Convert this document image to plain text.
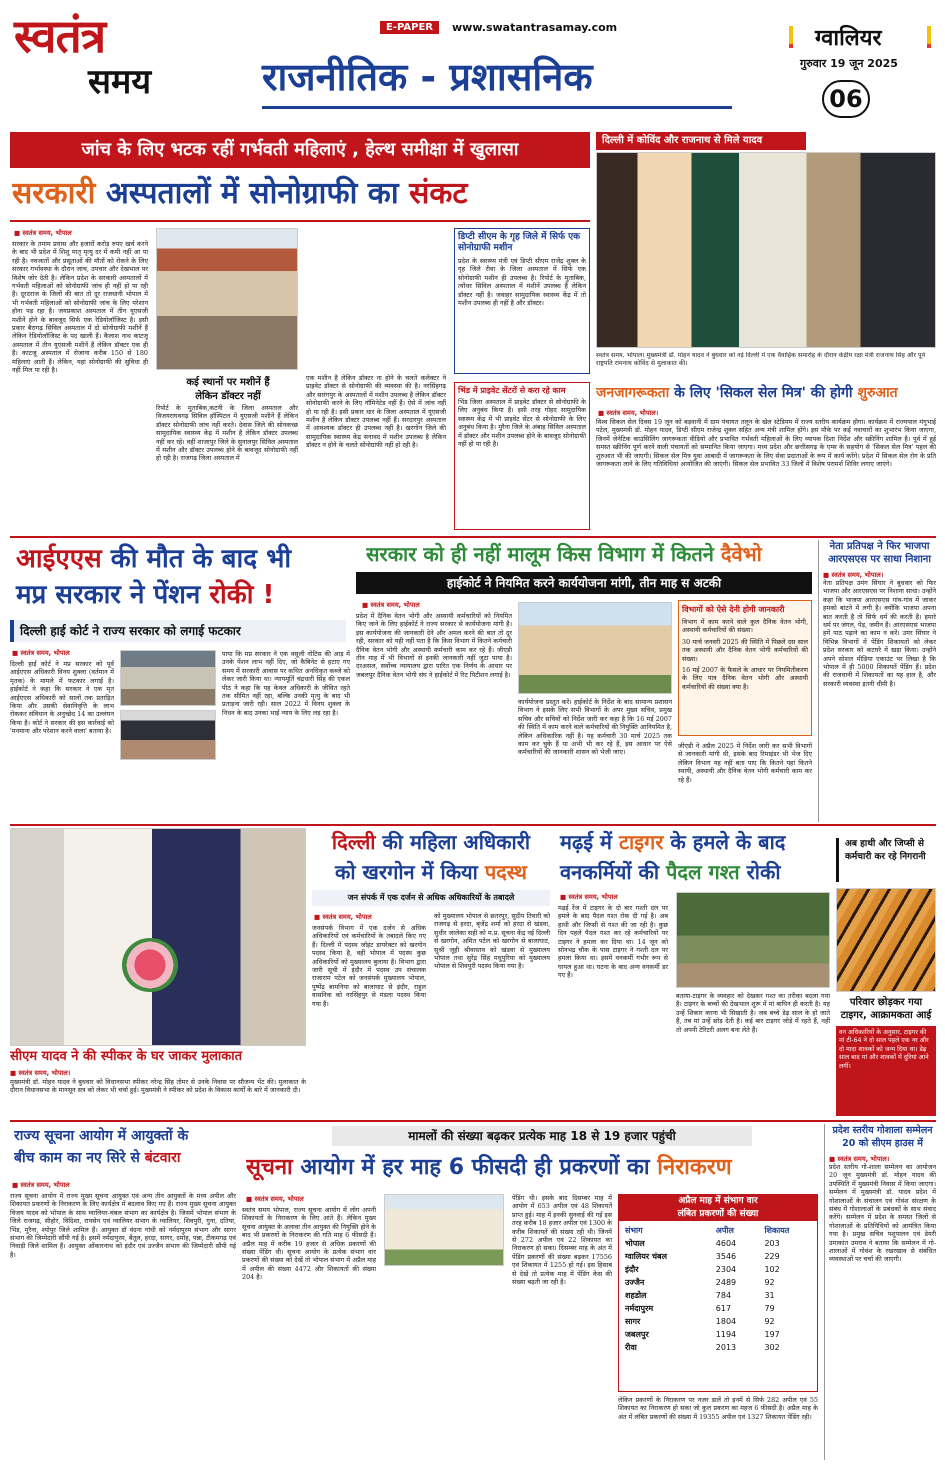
स्वतंत्र
समय
E-PAPER	www.swatantrasamay.com
राजनीतिक - प्रशासनिक
ग्वालियर
गुरुवार 19 जून 2025
06
जांच के लिए भटक रहीं गर्भवती महिलाएं , हेल्थ समीक्षा में खुलासा
सरकारी अस्पतालों में सोनोग्राफी का संकट
■ स्वतंत्र समय, भोपाल
सरकार के तमाम प्रयास और हजारों करोड़ रुपए खर्च करने के बाद भी प्रदेश में शिशु मातृ मृत्यु दर में कमी नहीं आ पा रही है। नवजातों और प्रसूताओं की मौतों को रोकने के लिए सरकार गर्भावस्था के दौरान जांच, उपचार और देखभाल पर विशेष जोर देती है। लेकिन प्रदेश के सरकारी अस्पतालों में गर्भवती महिलाओं को सोनोग्राफी जांच ही नहीं हो पा रही है। दूरदराज के जिलों की बात तो दूर राजधानी भोपाल में भी गर्भवती महिलाओं को सोनोग्राफी जांच के लिए परेशान होना पड़ रहा है। जयप्रकाश अस्पताल में तीन यूएसजी मशीनें होने के बावजूद सिर्फ एक रेडियोलॉजिस्ट है। इसी प्रकार बैरागढ़ सिविल अस्पताल में दो सोनोग्राफी मशीनें हैं लेकिन रेडियोलॉजिस्ट के पद खाली हैं। कैलाश नाथ काटजू अस्पताल में तीन यूएसजी मशीनें हैं लेकिन डॉक्टर एक ही है। काटजू अस्पताल में रोजाना करीब 150 से 180 महिलाएं आती हैं। लेकिन, यहां सोनोग्राफी की सुविधा ही नहीं मिल पा रही है।
कई स्थानों पर मशीनें हैं
लेकिन डॉक्टर नहीं
रिपोर्ट के मुताबिक,कटनी के जिला अस्पताल और विजयराघवगढ़ सिविल हॉस्पिटल में यूएसजी मशीनें हैं लेकिन डॉक्टर सोनोग्राफी जांच नहीं करते। देवास जिले की सोनकच्छ सामुदायिक स्वास्थ्य केंद्र में मशीन है लेकिन डॉक्टर उपलब्ध नहीं कर रहे। वहीं शाजापुर जिले के सुनालपुर सिविल अस्पताल में मशीन और डॉक्टर उपलब्ध होने के बावजूद सोनोग्राफी नहीं हो रही है। राजगढ़ जिला अस्पताल में
एक मशीन है लेकिन डॉक्टर ना होने के चलते कलेक्टर ने प्राइवेट डॉक्टर से सोनोग्राफी की व्यवस्था की है। नरसिंहगढ़ और सारंगपुर के अस्पतालों में मशीन उपलब्ध है लेकिन डॉक्टर सोनोग्राफी करने के लिए नॉमिनेटेड नहीं हैं। ऐसे में जांच नहीं हो पा रही है। इसी प्रकार धार के जिला अस्पताल में यूएसजी मशीन है लेकिन डॉक्टर उपलब्ध नहीं हैं। सरदारपुर अस्पताल में आवश्यक डॉक्टर ही उपलब्ध नहीं है। खरगोन जिले की सामुदायिक स्वास्थ्य केंद्र सनावद में मशीन उपलब्ध है लेकिन डॉक्टर न होने के चलते सोनोग्राफी नहीं हो रही है।
डिप्टी सीएम के गृह जिले में सिर्फ एक सोनोग्राफी मशीन
प्रदेश के स्वास्थ्य मंत्री एवं डिप्टी सीएम राजेंद्र शुक्ल के गृह जिले रीवा के जिला अस्पताल में सिर्फ एक सोनोग्राफी मशीन ही उपलब्ध है। रिपोर्ट के मुताबिक, त्योंथर सिविल अस्पताल में मशीनें उपलब्ध हैं लेकिन डॉक्टर नहीं है। जवाहर सामुदायिक स्वास्थ्य केंद्र में तो मशीन उपलब्ध ही नहीं है और डॉक्टर।
भिंड में प्राइवेट सेंटरों से करा रहे काम
भिंड जिला अस्पताल में प्राइवेट डॉक्टर से सोनोग्राफी के लिए अनुबंध किया है। इसी तरह गोहद सामुदायिक स्वास्थ्य केंद्र में भी प्राइवेट सेंटर से सोनोग्राफी के लिए अनुबंध किया है। मुरैना जिले के अंबाह सिविल अस्पताल में डॉक्टर और मशीन उपलब्ध होने के बावजूद सोनोग्राफी नहीं हो पा रही है।
दिल्ली में कोविंद और राजनाथ से मिले यादव
स्वतंत्र समय, भोपाल। मुख्यमंत्री डॉ. मोहन यादव ने बुधवार को नई दिल्ली में एक वैवाहिक समारोह के दौरान केंद्रीय रक्षा मंत्री राजनाथ सिंह और पूर्व राष्ट्रपति रामनाथ कोविंद से मुलाकात की।
जनजागरूकता के लिए 'सिकल सेल मित्र' की होगी शुरुआत
■ स्वतंत्र समय, भोपाल।
विश्व सिकल सेल दिवस 19 जून को बड़वानी में ग्राम पंचायत तलून के खेल स्टेडियम में राज्य स्तरीय कार्यक्रम होगा। कार्यक्रम में राज्यपाल मंगुभाई पटेल, मुख्यमंत्री डॉ. मोहन यादव, डिप्टी सीएम राजेन्द्र शुक्ल सहित अन्य मंत्री शामिल होंगे। इस मौके पर कई नवाचारों का शुभारंभ किया जाएगा, जिनमें जेनेटिक काउंसिलिंग जागरूकता वीडियो और प्रभावित गर्भवती महिलाओं के लिए व्यापक दिशा निर्देश और स्क्रीनिंग शामिल है। पूर्व में हुई समस्त स्क्रीनिंग पूर्ण करने वाली पंचायतों को सम्मानित किया जाएगा। मध्य प्रदेश और छत्तीसगढ़ के एम्स के सहयोग से 'सिकल सेल मित्र' पहल की शुरुआत भी की जाएगी। सिकल सेल मित्र युवा आबादी में जागरूकता के लिए सेवा प्रदाताओं के रूप में कार्य करेंगे। प्रदेश में सिकल सेल रोग के प्रति जागरूकता लाने के लिए गतिविधियां आयोजित की जाएंगी। सिकल सेल प्रभावित 33 जिलों में विशेष परामर्श शिविर लगाए जाएंगे।
आईएएस की मौत के बाद भी
मप्र सरकार ने पेंशन रोकी !
दिल्ली हाई कोर्ट ने राज्य सरकार को लगाई फटकार
■ स्वतंत्र समय, भोपाल
दिल्ली हाई कोर्ट ने मप्र सरकार को पूर्व आईएएस अधिकारी विनय शुक्ला (वर्तमान में मृतक) के मामले में फटकार लगाई है। हाईकोर्ट ने कहा कि सरकार ने एक मृत आईएएस अधिकारी को सालों तक प्रताड़ित किया और उसकी सेवानिवृत्ति के लाभ रोककर संविधान के अनुच्छेद 14 का उल्लंघन किया है। कोर्ट ने सरकार की इस कार्रवाई को 'मनमाना और परेशान करने वाला' बताया है।
पाया कि मप्र सरकार ने एक वसूली नोटिस की आड़ में उनके पेंशन लाभ नहीं दिए, जो कैबिनेट से हटाए गए समय में सरकारी आवास पर कथित अनधिकृत कब्जे को लेकर जारी किया था। न्यायमूर्ति चंद्रधारी सिंह की एकल पीठ ने कहा कि यह केवल अधिकारी के जीवित रहते तक सीमित नहीं रहा, बल्कि उनकी मृत्यु के बाद भी प्रताड़ना जारी रही। साल 2022 में विनय शुक्ला के निधन के बाद उनका भाई न्याय के लिए लड़ रहा है।
सरकार को ही नहीं मालूम किस विभाग में कितने दैवेभो
हाईकोर्ट ने नियमित करने कार्ययोजना मांगी, तीन माह स अटकी
■ स्वतंत्र समय, भोपाल
प्रदेश में दैनिक वेतन भोगी और अस्थायी कर्मचारियों को नियमित किए जाने के लिए हाईकोर्ट ने राज्य सरकार से कार्ययोजना मांगी है। इस कार्ययोजना की जानकारी देने और अमल करने की बात तो दूर रही, सरकार को यही नहीं पता है कि किस विभाग में कितने कर्मचारी दैनिक वेतन भोगी और अस्थायी कर्मचारी काम कर रहे हैं। जीएडी तीन माह में भी विभागों से इनकी जानकारी नहीं जुटा पाया है। दरअसल, सर्वोच्च न्यायालय द्वारा पारित एक निर्णय के आधार पर जबलपुर दैनिक वेतन भोगी संघ ने हाईकोर्ट में रिट पिटीशन लगाई है।
कार्ययोजना प्रस्तुत करें। हाईकोर्ट के निर्देश के बाद सामान्य प्रशासन विभाग ने इसके लिए सभी विभागों के अपर मुख्य सचिव, प्रमुख सचिव और सचिवों को निर्देश जारी कर कहा है कि 16 मई 2007 की स्थिति में काम करने वाले कर्मचारियों की नियुक्ति आनियमित है, लेकिन अधिकारिक नहीं है। यह कर्मचारी 30 मार्च 2025 तक काम कर चुके हैं या अभी भी कर रहे हैं, इस आधार पर ऐसे कर्मचारियों की जानकारी शासन को भेजी जाए।
विभागों को ऐसे देनी होगी जानकारी
विभाग में काम करने वाले कुल दैनिक वेतन भोगी, अस्थायी कर्मचारियों की संख्या।
30 मार्च जनवरी 2025 की स्थिति में पिछले दस साल तक अस्थायी और दैनिक वेतन भोगी कर्मचारियों की संख्या।
16 मई 2007 के फैसले के आधार पर नियमितीकरण के लिए पात्र दैनिक वेतन भोगी और अस्थायी कर्मचारियों की संख्या क्या है।
जीएडी ने अप्रैल 2025 में निर्देश जारी कर सभी विभागों से जानकारी मांगी थी, इसके बाद रिमाइंडर भी भेज दिए लेकिन विभाग यह नहीं बता पाए कि कितने यहां कितने स्थायी, अस्थायी और दैनिक वेतन भोगी कर्मचारी काम कर रहे हैं।
नेता प्रतिपक्ष ने फिर भाजपा आरएसएस पर साधा निशाना
■ स्वतंत्र समय, भोपाल।
नेता प्रतिपक्ष उमंग सिंघार ने बुधवार को फिर भाजपा और आरएसएस पर निशाना साधा। उन्होंने कहा कि भाजपा आरएसएस गांव-गांव में जाकर हमको बांटने में लगी है। क्योंकि भाजपा अपना बात करती है तो सिर्फ धर्म की करती है। हमारे धर्म पर जंगल, पेड़, जमीन हैं। आरएसएस भाजपा हमें पाठ पढ़ाने का काम न करें। उमर सिंघार ने विभिन्न विभागों में पेंडिंग शिकायतों को लेकर प्रदेश सरकार को कटघरे में खड़ा किया। उन्होंने अपने सोशल मीडिया एकाउंट पर लिखा है कि भोपाल में ही 5000 शिकायतें पेंडिंग हैं। प्रदेश की राजधानी में शिकायतों का यह हाल है, और सरकारी व्यवस्था इतनी धीमी है।
सीएम यादव ने की स्पीकर के घर जाकर मुलाकात
■ स्वतंत्र समय, भोपाल।
मुख्यमंत्री डॉ. मोहन यादव ने बुधवार को विधानसभा स्पीकर नरेन्द्र सिंह तोमर से उनके निवास पर सौजन्य भेंट की। मुलाकात के दौरान विधानसभा के मानसून सत्र को लेकर भी चर्चा हुई। मुख्यमंत्री ने स्पीकर को प्रदेश के विकास कार्यों के बारे में जानकारी दी।
दिल्ली की महिला अधिकारी
को खरगोन में किया पदस्थ
जन संपर्क में एक दर्जन से अधिक अधिकारियों के तबादले
■ स्वतंत्र समय, भोपाल
जनसंपर्क विभाग में एक दर्जन से अधिक अधिकारियों एवं कर्मचारियों के तबादले किए गए हैं। दिल्ली में पदस्थ जॉइंट डायरेक्टर को खरगोन पदस्थ किया है, वहीं भोपाल में पदस्थ कुछ अधिकारियों को मुख्यालय बुलाया है। विभाग द्वारा जारी सूची में इंदौर में पदस्थ उप संचालक राजाराम पटेल को जनसंपर्क मुख्यालय भोपाल, पुष्पेंद्र बामनिया को बालाघाट से इंदौर, राहुल वासनिक को नरसिंहपुर से मंडला पदस्थ किया गया है।
को मुख्यालय भोपाल से छतरपुर, सुदीप तिवारी को राजगढ़ से हरदा, बृजेंद्र शर्मा को हरदा से खंडवा, सुधीर जालेका सही को म.प्र. सूचना केंद्र नई दिल्ली से खरगोन, अमित पटेल को खरगोन से बालाघाट, सुश्री जूही श्रीवास्तव को खंडवा से मुख्यालय भोपाल तथा सुरेंद्र सिंह मधुपुरिया को मुख्यालय भोपाल से शिवपुरी पदस्थ किया गया है।
मढ़ई में टाइगर के हमले के बाद
वनकर्मियों की पैदल गश्त रोकी
अब हाथी और जिप्सी से कर्मचारी कर रहे निगरानी
■ स्वतंत्र समय, भोपाल
मढ़ई रेंज में टाइगर के दो बार गश्ती दल पर हमले के बाद पैदल गश्त रोक दी गई है। अब हाथी और जिप्सी से गश्त की जा रही है। कुछ दिन पहले पैदल गश्त कर रहे कर्मचारियों पर टाइगर ने हमला कर दिया था। 14 जून को सोनभद्र चौक के पास टाइगर ने गश्ती दल पर हमला किया था। इसमें वनकर्मी गंभीर रूप से घायल हुआ था। घटना के बाद अन्य वनकर्मी डर गए हैं।
बताया-टाइगर के व्यवहार को देखकर गश्त का तरीका बदला गया है। टाइगर के बच्चों की देखभाल शुरू में मां बाघिन ही करती है। यह उन्हें शिकार करना भी सिखाती है। जब बच्चे डेढ़ साल के हो जाते हैं, तब मां उन्हें छोड़ देती है। कई बार टाइगर जोड़े में रहते हैं, नहीं तो अपनी टेरिटरी अलग बना लेते हैं।
परिवार छोड़कर गया टाइगर, आक्रामकता आई
वन अधिकारियों के अनुसार, टाइगर की मां टी-64 ने दो साल पहले एक नर और दो मादा शावकों को जन्म दिया था। डेढ़ साल बाद मां और शावकों में दूरियां आने लगीं।
राज्य सूचना आयोग में आयुक्तों के
बीच काम का नए सिरे से बंटवारा
■ स्वतंत्र समय, भोपाल
राज्य सूचना आयोग में राज्य मुख्य सूचना आयुक्त एवं अन्य तीन आयुक्तों के मध्य अपील और शिकायत प्रकरणों के निराकरण के लिए कार्यक्षेत्र में बदलाव किए गए हैं। राज्य मुख्य सूचना आयुक्त विजय यादव को भोपाल के साथ ग्वालियर-चंबल संभाग का कार्यक्षेत्र है। जिसमें भोपाल संभाग के जिले राजगढ़, सीहोर, विदिशा, रायसेन एवं ग्वालियर संभाग के ग्वालियर, शिवपुरी, गुना, दतिया, भिंड, मुरैना, श्योपुर जिले शामिल हैं। आयुक्त डॉ वंदना गांधी को नर्मदापुरम संभाग और सागर संभाग की जिम्मेदारी सौंपी गई है। इसमें नर्मदापुरम, बैतूल, हरदा, सागर, दमोह, पन्ना, टीकमगढ़ एवं निवाड़ी जिले शामिल हैं। आयुक्त ओंकारनाथ को इंदौर एवं उज्जैन संभाग की जिम्मेदारी सौंपी गई है।
मामलों की संख्या बढ़कर प्रत्येक माह 18 से 19 हजार पहुंची
सूचना आयोग में हर माह 6 फीसदी ही प्रकरणों का निराकरण
■ स्वतंत्र समय, भोपाल
स्वतंत्र समय भोपाल, राज्य सूचना आयोग में लोग अपनी शिकायतों के निराकरण के लिए आते हैं। लेकिन मुख्य सूचना आयुक्त के अलावा तीन आयुक्त की नियुक्ति होने के बाद भी प्रकरणों के निराकरण की गति माह 6 फीसदी है। अप्रैल माह में करीब 19 हजार से अधिक प्रकरणों की संख्या पेंडिंग थी। सूचना आयोग के प्रत्येक संभाग वार प्रकरणों की संख्या को देखें तो भोपाल संभाग में अप्रैल माह में अपील की संख्या 4472 और शिकायतों की संख्या 204 है।
पेंडिंग थी। इसके बाद दिसम्बर माह में आयोग में 653 अपील एवं 48 शिकायतें प्राप्त हुई। माह में इनकी सुनवाई की गई इस तरह करीब 18 हजार अपील एवं 1300 के करीब शिकायतें की संख्या रही थी। जिनमें से 272 अपील एवं 22 शिकायत का निराकरण हो सका। दिसम्बर माह के अंत में पेंडिंग प्रकरणों की संख्या बढ़कर 17556 एवं शिकायत में 1255 हो गई। इस हिसाब से देखें तो प्रत्येक माह में पेंडिंग केस की संख्या बढ़ती जा रही है।
अप्रैल माह में संभाग वार
लंबित प्रकरणों की संख्या
संभाग	अपील	शिकायत
भोपाल	4604	203
ग्वालियर चंबल	3546	229
इंदौर	2304	102
उज्जैन	2489	92
शहडोल	784	31
नर्मदापुरम	617	79
सागर	1804	92
जबलपुर	1194	197
रीवा	2013	302
लेकिन प्रकरणों के निराकरण पर नजर डालें तो इनमें से सिर्फ 282 अपील एवं 55 शिकायत का निराकरण हो सका जो कुल प्रकरण का महज 6 फीसदी है। अप्रैल माह के अंत में लंबित प्रकरणों की संख्या में 19355 अपील एवं 1327 शिकायत पेंडिंग रही।
प्रदेश स्तरीय गोशाला सम्मेलन 20 को सीएम हाउस में
■ स्वतंत्र समय, भोपाल।
प्रदेश स्तरीय गो-शाला सम्मेलन का आयोजन 20 जून मुख्यमंत्री डॉ. मोहन यादव की उपस्थिति में मुख्यमंत्री निवास में किया जाएगा। सम्मेलन में मुख्यमंत्री डॉ. यादव प्रदेश में गोशालाओं के संचालन एवं गोवंश संरक्षण के संबंध में गोशालाओं के प्रबंधकों के साथ संवाद करेंगे। सम्मेलन में प्रदेश के समस्त जिलों से गोशालाओं के प्रतिनिधियों को आमंत्रित किया गया है। प्रमुख सचिव पशुपालन एवं डेयरी उमाकांत उमराव ने बताया कि सम्मेलन में गो-शालाओं में गोवंश के रखरखाव से संबंधित व्यवस्थाओं पर चर्चा की जाएगी।
